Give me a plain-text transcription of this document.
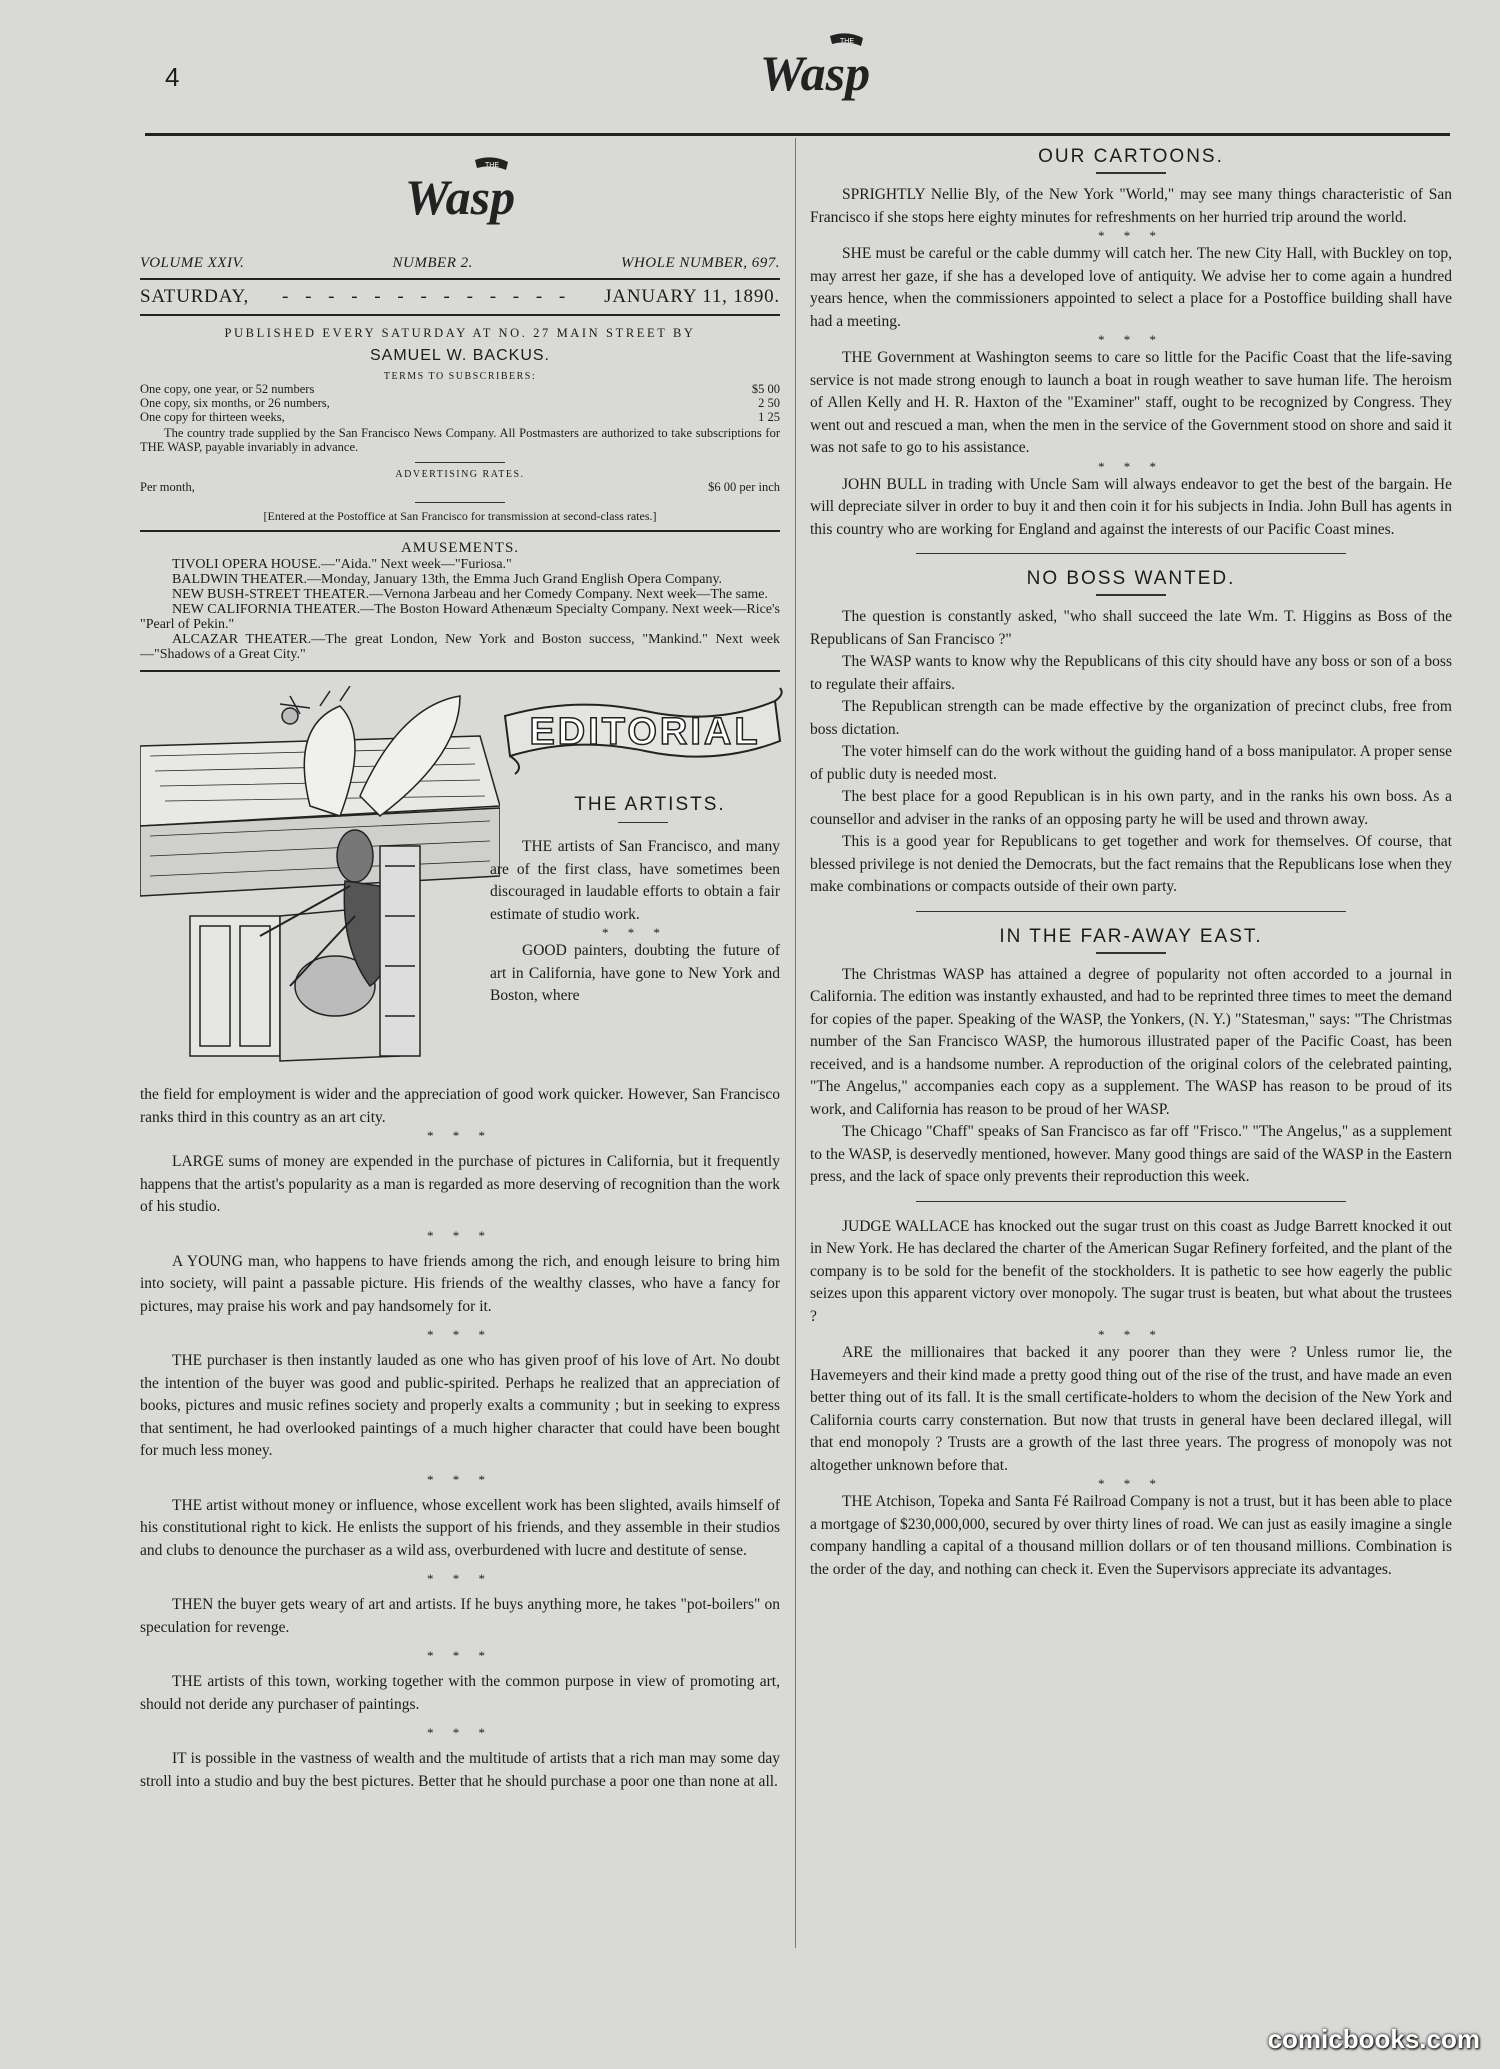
4
THE
Wasp
THE
Wasp
VOLUME XXIV.	NUMBER 2.	WHOLE NUMBER, 697.
SATURDAY, - - - - - - - - - - - - - JANUARY 11, 1890.
PUBLISHED EVERY SATURDAY AT NO. 27 MAIN STREET BY
SAMUEL W. BACKUS.
TERMS TO SUBSCRIBERS:
One copy, one year, or 52 numbers	$5 00
One copy, six months, or 26 numbers,	2 50
One copy for thirteen weeks,	1 25

The country trade supplied by the San Francisco News Company. All Postmasters are authorized to take subscriptions for THE WASP, payable invariably in advance.

ADVERTISING RATES.
Per month,	$6 00 per inch
[Entered at the Postoffice at San Francisco for transmission at second-class rates.]
AMUSEMENTS.

TIVOLI OPERA HOUSE.—"Aida." Next week—"Furiosa."

BALDWIN THEATER.—Monday, January 13th, the Emma Juch Grand English Opera Company.

NEW BUSH-STREET THEATER.—Vernona Jarbeau and her Comedy Company. Next week—The same.

NEW CALIFORNIA THEATER.—The Boston Howard Athenæum Specialty Company. Next week—Rice's "Pearl of Pekin."

ALCAZAR THEATER.—The great London, New York and Boston success, "Mankind." Next week—"Shadows of a Great City."

EDITORIAL
THE ARTISTS.

THE artists of San Francisco, and many are of the first class, have sometimes been discouraged in laudable efforts to obtain a fair estimate of studio work.

* * *

GOOD painters, doubting the future of art in California, have gone to New York and Boston, where

the field for employment is wider and the appreciation of good work quicker. However, San Francisco ranks third in this country as an art city.

* * *

LARGE sums of money are expended in the purchase of pictures in California, but it frequently happens that the artist's popularity as a man is regarded as more deserving of recognition than the work of his studio.

* * *

A YOUNG man, who happens to have friends among the rich, and enough leisure to bring him into society, will paint a passable picture. His friends of the wealthy classes, who have a fancy for pictures, may praise his work and pay handsomely for it.

* * *

THE purchaser is then instantly lauded as one who has given proof of his love of Art. No doubt the intention of the buyer was good and public-spirited. Perhaps he realized that an appreciation of books, pictures and music refines society and properly exalts a community ; but in seeking to express that sentiment, he had overlooked paintings of a much higher character that could have been bought for much less money.

* * *

THE artist without money or influence, whose excellent work has been slighted, avails himself of his constitutional right to kick. He enlists the support of his friends, and they assemble in their studios and clubs to denounce the purchaser as a wild ass, overburdened with lucre and destitute of sense.

* * *

THEN the buyer gets weary of art and artists. If he buys anything more, he takes "pot-boilers" on speculation for revenge.

* * *

THE artists of this town, working together with the common purpose in view of promoting art, should not deride any purchaser of paintings.

* * *

IT is possible in the vastness of wealth and the multitude of artists that a rich man may some day stroll into a studio and buy the best pictures. Better that he should purchase a poor one than none at all.

OUR CARTOONS.

SPRIGHTLY Nellie Bly, of the New York "World," may see many things characteristic of San Francisco if she stops here eighty minutes for refreshments on her hurried trip around the world.

* * *

SHE must be careful or the cable dummy will catch her. The new City Hall, with Buckley on top, may arrest her gaze, if she has a developed love of antiquity. We advise her to come again a hundred years hence, when the commissioners appointed to select a place for a Postoffice building shall have had a meeting.

* * *

THE Government at Washington seems to care so little for the Pacific Coast that the life-saving service is not made strong enough to launch a boat in rough weather to save human life. The heroism of Allen Kelly and H. R. Haxton of the "Examiner" staff, ought to be recognized by Congress. They went out and rescued a man, when the men in the service of the Government stood on shore and said it was not safe to go to his assistance.

* * *

JOHN BULL in trading with Uncle Sam will always endeavor to get the best of the bargain. He will depreciate silver in order to buy it and then coin it for his subjects in India. John Bull has agents in this country who are working for England and against the interests of our Pacific Coast mines.

NO BOSS WANTED.

The question is constantly asked, "who shall succeed the late Wm. T. Higgins as Boss of the Republicans of San Francisco ?"

The WASP wants to know why the Republicans of this city should have any boss or son of a boss to regulate their affairs.

The Republican strength can be made effective by the organization of precinct clubs, free from boss dictation.

The voter himself can do the work without the guiding hand of a boss manipulator. A proper sense of public duty is needed most.

The best place for a good Republican is in his own party, and in the ranks his own boss. As a counsellor and adviser in the ranks of an opposing party he will be used and thrown away.

This is a good year for Republicans to get together and work for themselves. Of course, that blessed privilege is not denied the Democrats, but the fact remains that the Republicans lose when they make combinations or compacts outside of their own party.

IN THE FAR-AWAY EAST.

The Christmas WASP has attained a degree of popularity not often accorded to a journal in California. The edition was instantly exhausted, and had to be reprinted three times to meet the demand for copies of the paper. Speaking of the WASP, the Yonkers, (N. Y.) "Statesman," says: "The Christmas number of the San Francisco WASP, the humorous illustrated paper of the Pacific Coast, has been received, and is a handsome number. A reproduction of the original colors of the celebrated painting, "The Angelus," accompanies each copy as a supplement. The WASP has reason to be proud of its work, and California has reason to be proud of her WASP.

The Chicago "Chaff" speaks of San Francisco as far off "Frisco." "The Angelus," as a supplement to the WASP, is deservedly mentioned, however. Many good things are said of the WASP in the Eastern press, and the lack of space only prevents their reproduction this week.

JUDGE WALLACE has knocked out the sugar trust on this coast as Judge Barrett knocked it out in New York. He has declared the charter of the American Sugar Refinery forfeited, and the plant of the company is to be sold for the benefit of the stockholders. It is pathetic to see how eagerly the public seizes upon this apparent victory over monopoly. The sugar trust is beaten, but what about the trustees ?

* * *

ARE the millionaires that backed it any poorer than they were ? Unless rumor lie, the Havemeyers and their kind made a pretty good thing out of the rise of the trust, and have made an even better thing out of its fall. It is the small certificate-holders to whom the decision of the New York and California courts carry consternation. But now that trusts in general have been declared illegal, will that end monopoly ? Trusts are a growth of the last three years. The progress of monopoly was not altogether unknown before that.

* * *

THE Atchison, Topeka and Santa Fé Railroad Company is not a trust, but it has been able to place a mortgage of $230,000,000, secured by over thirty lines of road. We can just as easily imagine a single company handling a capital of a thousand million dollars or of ten thousand millions. Combination is the order of the day, and nothing can check it. Even the Supervisors appreciate its advantages.

comicbooks.com
